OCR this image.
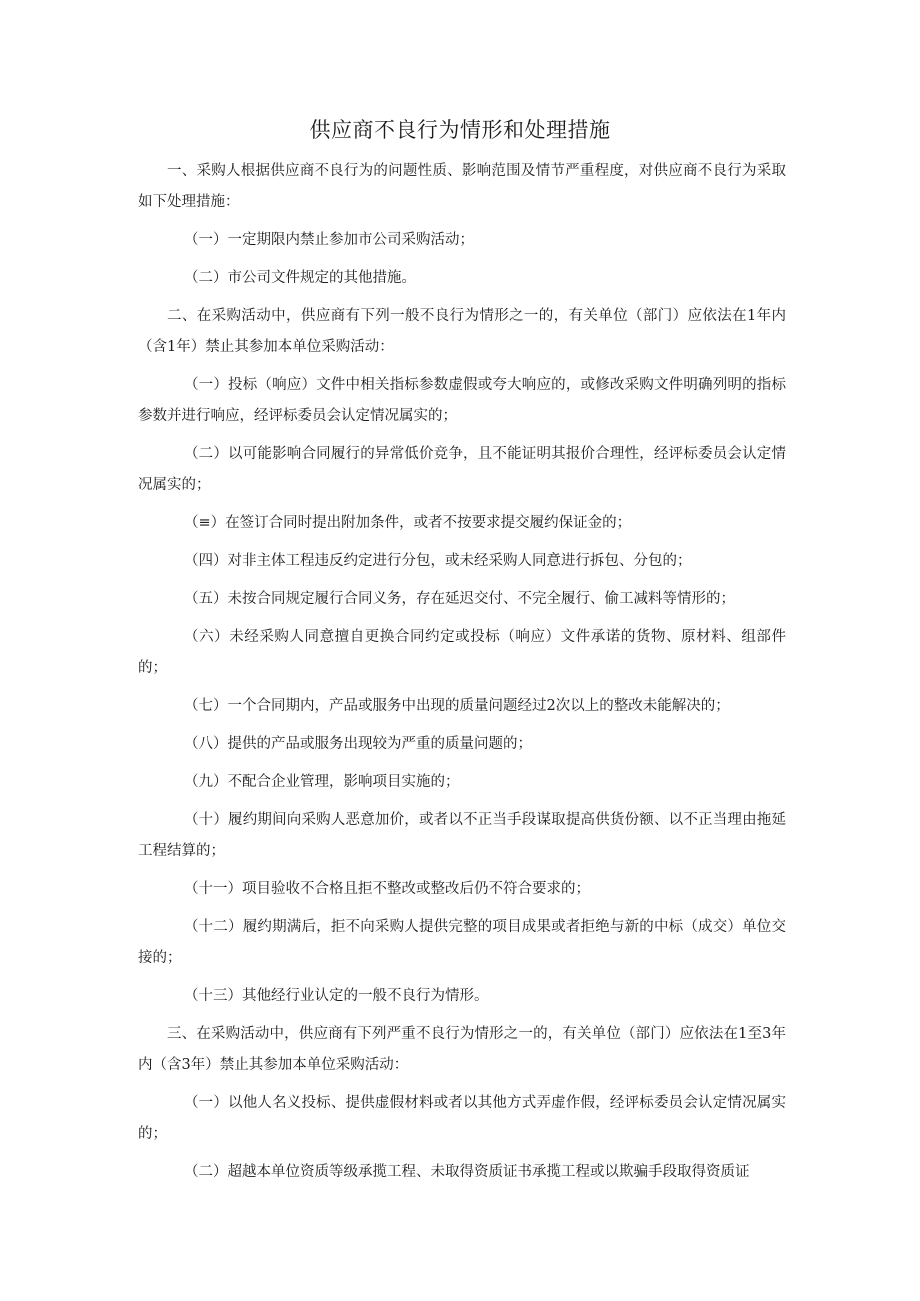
供应商不良行为情形和处理措施

一、采购人根据供应商不良行为的问题性质、影响范围及情节严重程度，对供应商不良行为采取如下处理措施：

（一）一定期限内禁止参加市公司采购活动；

（二）市公司文件规定的其他措施。

二、在采购活动中，供应商有下列一般不良行为情形之一的，有关单位（部门）应依法在1年内（含1年）禁止其参加本单位采购活动：

（一）投标（响应）文件中相关指标参数虚假或夸大响应的，或修改采购文件明确列明的指标参数并进行响应，经评标委员会认定情况属实的；

（二）以可能影响合同履行的异常低价竞争，且不能证明其报价合理性，经评标委员会认定情况属实的；

（≡）在签订合同时提出附加条件，或者不按要求提交履约保证金的；

（四）对非主体工程违反约定进行分包，或未经采购人同意进行拆包、分包的；

（五）未按合同规定履行合同义务，存在延迟交付、不完全履行、偷工减料等情形的；

（六）未经采购人同意擅自更换合同约定或投标（响应）文件承诺的货物、原材料、组部件的；

（七）一个合同期内，产品或服务中出现的质量问题经过2次以上的整改未能解决的；

（八）提供的产品或服务出现较为严重的质量问题的；

（九）不配合企业管理，影响项目实施的；

（十）履约期间向采购人恶意加价，或者以不正当手段谋取提高供货份额、以不正当理由拖延工程结算的；

（十一）项目验收不合格且拒不整改或整改后仍不符合要求的；

（十二）履约期满后，拒不向采购人提供完整的项目成果或者拒绝与新的中标（成交）单位交接的；

（十三）其他经行业认定的一般不良行为情形。

三、在采购活动中，供应商有下列严重不良行为情形之一的，有关单位（部门）应依法在1至3年内（含3年）禁止其参加本单位采购活动：

（一）以他人名义投标、提供虚假材料或者以其他方式弄虚作假，经评标委员会认定情况属实的；

（二）超越本单位资质等级承揽工程、未取得资质证书承揽工程或以欺骗手段取得资质证
